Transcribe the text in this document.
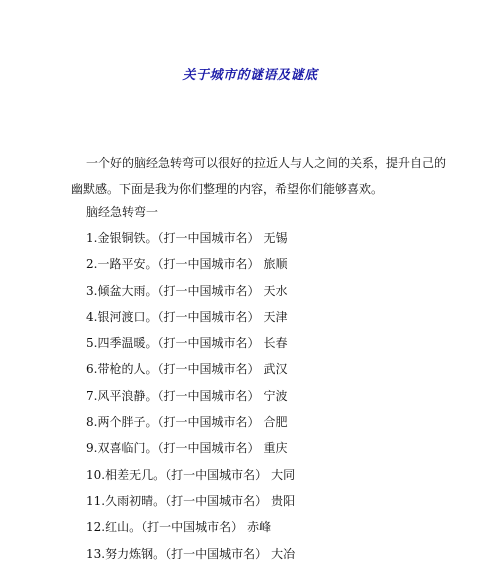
关于城市的谜语及谜底
一个好的脑经急转弯可以很好的拉近人与人之间的关系，提升自己的
幽默感。下面是我为你们整理的内容，希望你们能够喜欢。
脑经急转弯一
1.金银铜铁。（打一中国城市名） 无锡
2.一路平安。（打一中国城市名） 旅顺
3.倾盆大雨。（打一中国城市名） 天水
4.银河渡口。（打一中国城市名） 天津
5.四季温暖。（打一中国城市名） 长春
6.带枪的人。（打一中国城市名） 武汉
7.风平浪静。（打一中国城市名） 宁波
8.两个胖子。（打一中国城市名） 合肥
9.双喜临门。（打一中国城市名） 重庆
10.相差无几。（打一中国城市名） 大同
11.久雨初晴。（打一中国城市名） 贵阳
12.红山。（打一中国城市名） 赤峰
13.努力炼钢。（打一中国城市名） 大冶
